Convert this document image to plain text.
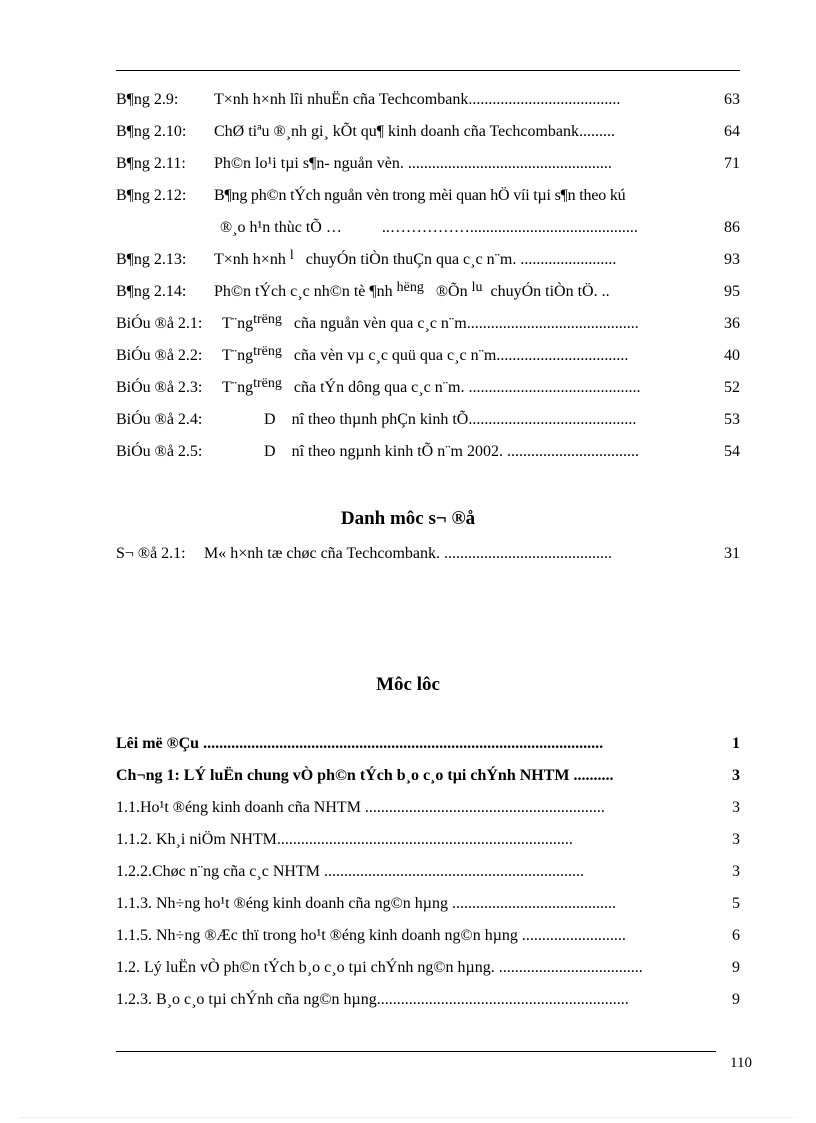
B¶ng 2.9: T×nh h×nh lîi nhuËn cña Techcombank......................................	63
B¶ng 2.10: ChØ tiªu ®¸nh gi¸ kÕt qu¶ kinh doanh cña Techcombank.........	64
B¶ng 2.11: Ph©n lo¹i tµi s¶n- nguån vèn. ...................................................	71
B¶ng 2.12: B¶ng ph©n tÝch nguån vèn trong mèi quan hÖ víi tµi s¶n theo kú
®¸o h¹n thùc tÕ …	..……………..........................................	86
B¶ng 2.13: T×nh h×nh l chuyÓn tiÒn thuÇn qua c¸c n¨m. ........................	93
B¶ng 2.14: Ph©n tÝch c¸c nh©n tè ¶nh hëng ®Õn lu chuyÓn tiÒn tÖ. ..	95
BiÓu ®å 2.1: T¨ngtrëng cña nguån vèn qua c¸c n¨m...........................................	36
BiÓu ®å 2.2: T¨ngtrëng cña vèn vµ c¸c quü qua c¸c n¨m.................................	40
BiÓu ®å 2.3: T¨ngtrëng cña tÝn dông qua c¸c n¨m. ...........................................	52
BiÓu ®å 2.4:	D nî theo thµnh phÇn kinh tÕ..........................................	53
BiÓu ®å 2.5:	D nî theo ngµnh kinh tÕ n¨m 2002. .................................	54
Danh môc s¬ ®å
S¬ ®å 2.1: M« h×nh tæ chøc cña Techcombank. ..........................................	31
Môc lôc
Lêi më ®Çu ....................................................................................................	1
Ch¬ng 1: LÝ luËn chung vÒ ph©n tÝch b¸o c¸o tµi chÝnh NHTM ..........	3
1.1.Ho¹t ®éng kinh doanh cña NHTM ............................................................	3
1.1.2. Kh¸i niÖm NHTM..........................................................................	3
1.2.2.Chøc n¨ng cña c¸c NHTM .................................................................	3
1.1.3. Nh÷ng ho¹t ®éng kinh doanh cña ng©n hµng .........................................	5
1.1.5. Nh÷ng ®Æc thï trong ho¹t ®éng kinh doanh ng©n hµng ..........................	6
1.2. Lý luËn vÒ ph©n tÝch b¸o c¸o tµi chÝnh ng©n hµng. ....................................	9
1.2.3. B¸o c¸o tµi chÝnh cña ng©n hµng...............................................................	9
110
